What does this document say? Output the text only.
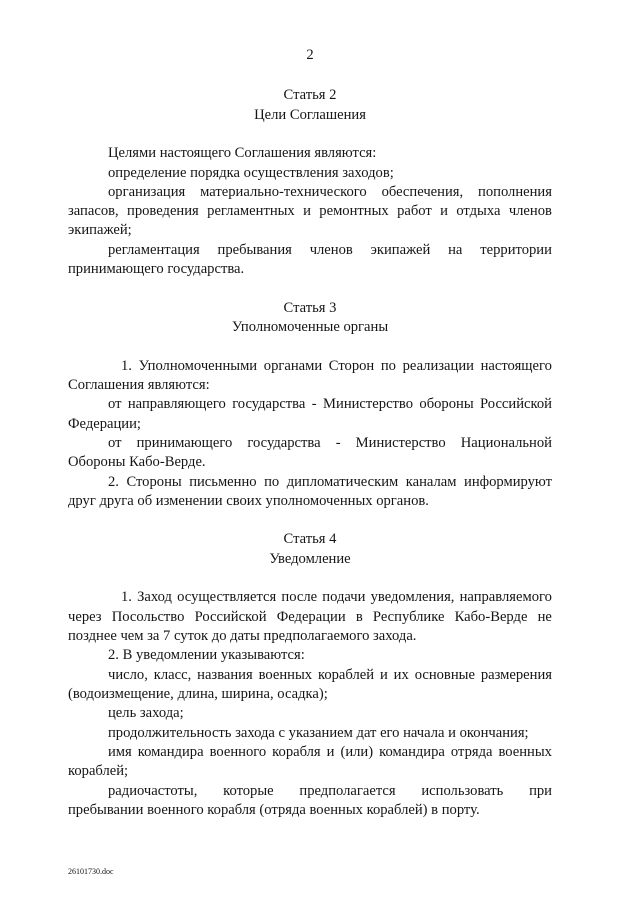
2
Статья 2
Цели Соглашения
Целями настоящего Соглашения являются:
определение порядка осуществления заходов;
организация материально-технического обеспечения, пополнения
запасов, проведения регламентных и ремонтных работ и отдыха членов
экипажей;
регламентация пребывания членов экипажей на территории
принимающего государства.
Статья 3
Уполномоченные органы
1. Уполномоченными органами Сторон по реализации настоящего
Соглашения являются:
от направляющего государства - Министерство обороны Российской
Федерации;
от принимающего государства - Министерство Национальной
Обороны Кабо-Верде.
2. Стороны письменно по дипломатическим каналам информируют
друг друга об изменении своих уполномоченных органов.
Статья 4
Уведомление
1. Заход осуществляется после подачи уведомления, направляемого
через Посольство Российской Федерации в Республике Кабо-Верде не
позднее чем за 7 суток до даты предполагаемого захода.
2. В уведомлении указываются:
число, класс, названия военных кораблей и их основные размерения
(водоизмещение, длина, ширина, осадка);
цель захода;
продолжительность захода с указанием дат его начала и окончания;
имя командира военного корабля и (или) командира отряда военных
кораблей;
радиочастоты, которые предполагается использовать при
пребывании военного корабля (отряда военных кораблей) в порту.
26101730.doc
